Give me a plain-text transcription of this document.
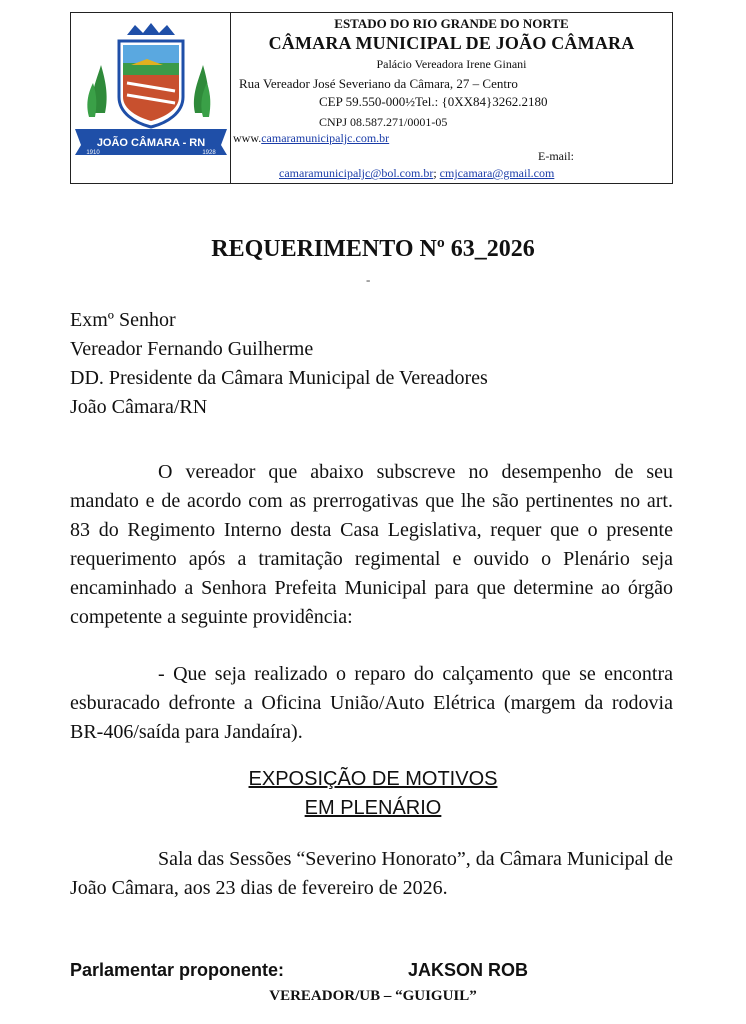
JOÃO CÂMARA - RN
1910	1928
ESTADO DO RIO GRANDE DO NORTE
CÂMARA MUNICIPAL DE JOÃO CÂMARA
Palácio Vereadora Irene Ginani
Rua Vereador José Severiano da Câmara, 27 – Centro
CEP 59.550-000½Tel.: {0XX84}3262.2180
CNPJ 08.587.271/0001-05
www.camaramunicipaljc.com.br
E-mail:
camaramunicipaljc@bol.com.br; cmjcamara@gmail.com
REQUERIMENTO Nº 63_2026
-
Exmº Senhor
Vereador Fernando Guilherme
DD. Presidente da Câmara Municipal de Vereadores
João Câmara/RN
O vereador que abaixo subscreve no desempenho de seu mandato e de acordo com as prerrogativas que lhe são pertinentes no art. 83 do Regimento Interno desta Casa Legislativa, requer que o presente requerimento após a tramitação regimental e ouvido o Plenário seja encaminhado a Senhora Prefeita Municipal para que determine ao órgão competente a seguinte providência:
- Que seja realizado o reparo do calçamento que se encontra esburacado defronte a Oficina União/Auto Elétrica (margem da rodovia BR-406/saída para Jandaíra).
EXPOSIÇÃO DE MOTIVOS
EM PLENÁRIO
Sala das Sessões “Severino Honorato”, da Câmara Municipal de João Câmara, aos 23 dias de fevereiro de 2026.
Parlamentar proponente:	JAKSON ROB
VEREADOR/UB – “GUIGUIL”
